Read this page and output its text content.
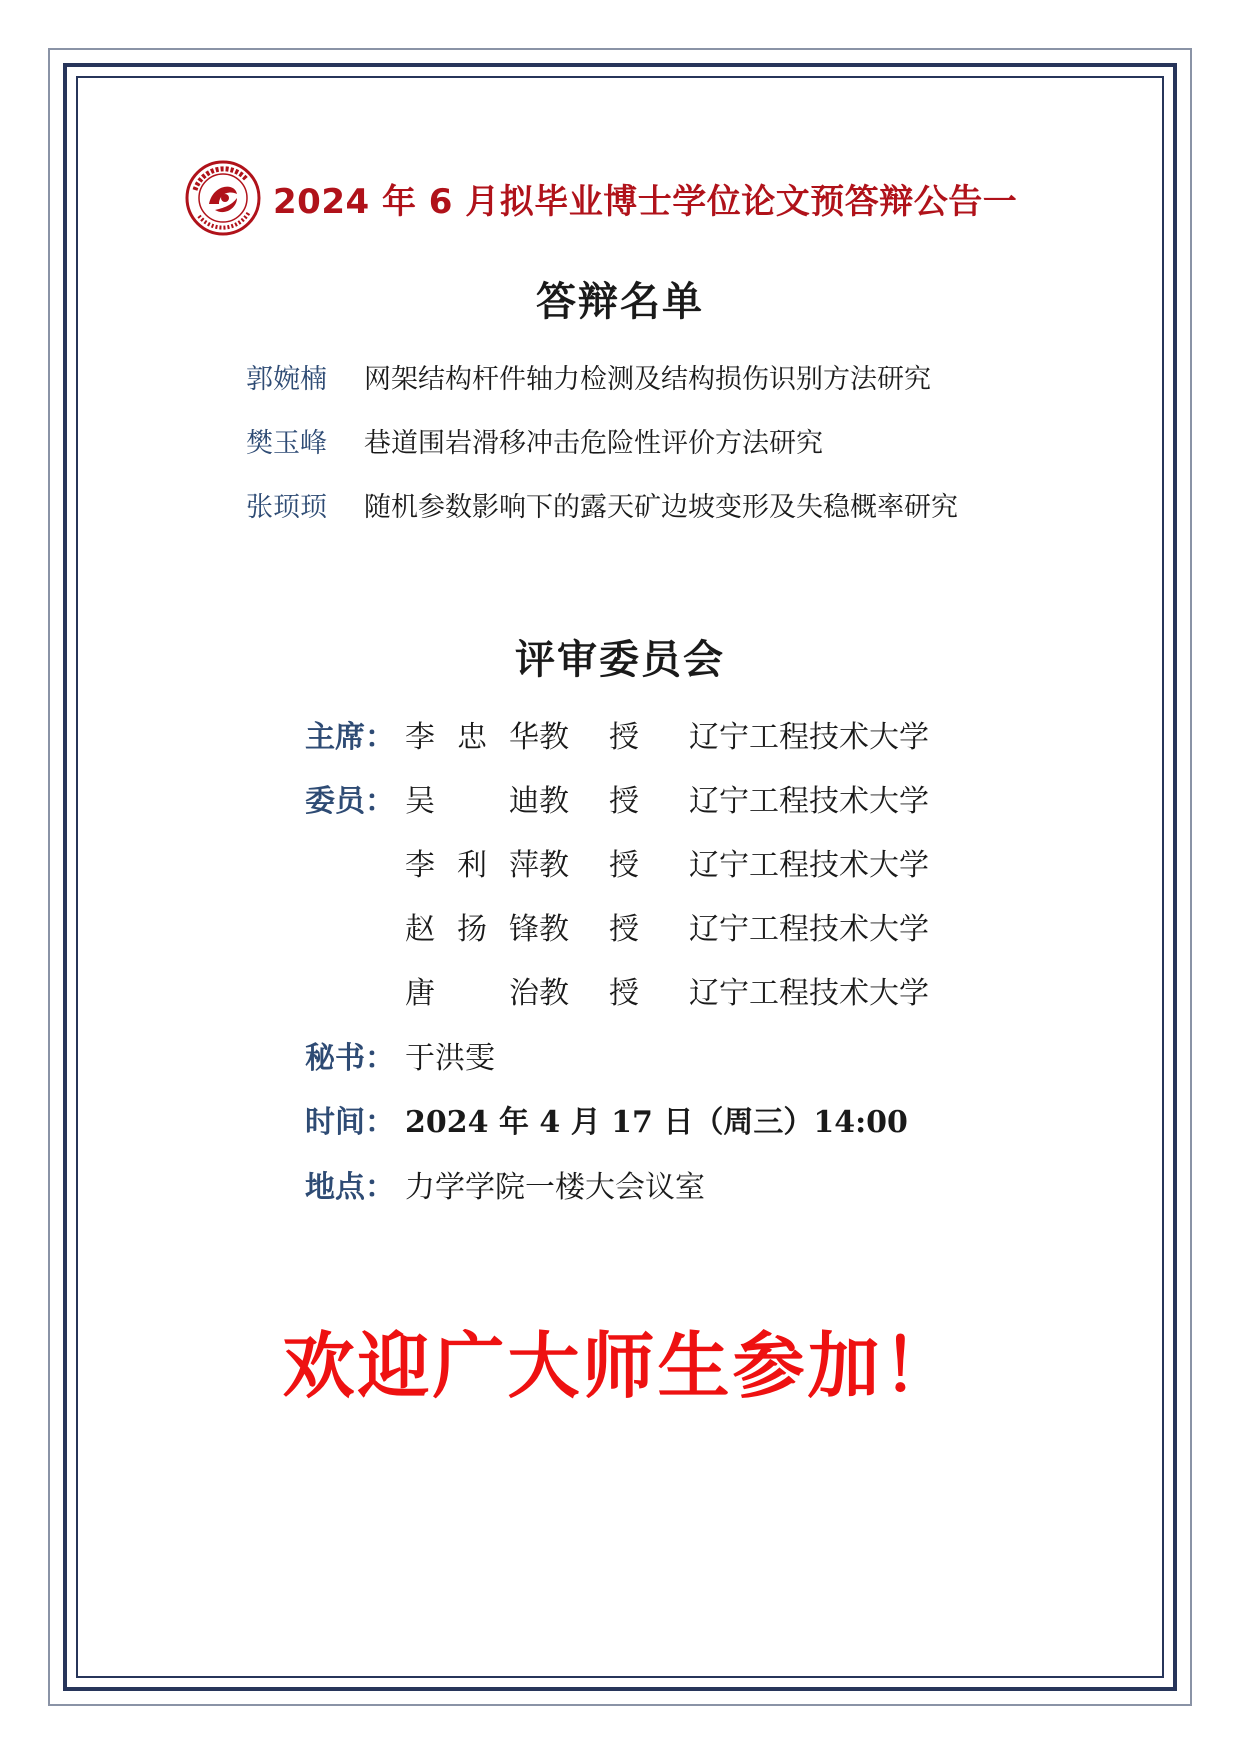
2024 年 6 月拟毕业博士学位论文预答辩公告一
答辩名单
郭婉楠	网架结构杆件轴力检测及结构损伤识别方法研究
樊玉峰	巷道围岩滑移冲击危险性评价方法研究
张顼顼	随机参数影响下的露天矿边坡变形及失稳概率研究
评审委员会
主席： 李 忠 华 教 授 辽宁工程技术大学
委员： 吴 迪 教 授 辽宁工程技术大学
李 利 萍 教 授 辽宁工程技术大学
赵 扬 锋 教 授 辽宁工程技术大学
唐 治 教 授 辽宁工程技术大学
秘书： 于洪雯
时间： 2024 年 4 月 17 日（周三）14:00
地点： 力学学院一楼大会议室
欢迎广大师生参加！
